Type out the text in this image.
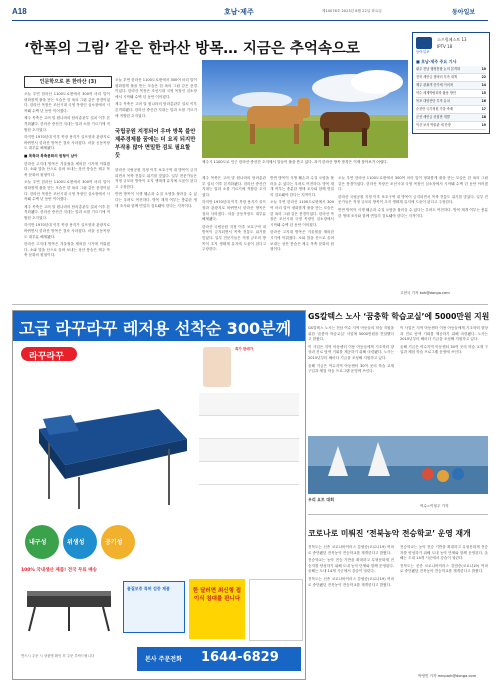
A18	호남·제주	제10076호 2023년 8월 22일 화요일	동아일보
‘한폭의 그림’ 같은 한라산 방목… 지금은 추억속으로	동아일보
스프링페스트 13
IPTV 18
■ 호남·제주 주요 기사
광주 전남 행정통합 논의 본격화	10
전북 새만금 잼버리 후속 대책	22
제주 관광객 증가세 이어져	14
여수 세계박람회장 활용 방안	15
목포 대양산단 투자 유치	16
순천만 국가정원 가을 축제	17
군산 새만금 신항만 개발	18
익산 보석 박물관 새 단장	19
인문학으로 본 한라산 (3)

오늘 우연 한라산 1100도로변에서 300여 마리 말이 평화롭게 풀을 뜯는 모습은 한 폭의 그림 같은 풍경이었다. 한라산 목장은 조선시대 국영 목장인 십소장에서 시작돼 수백 년 동안 이어졌다.

제주 목축은 고려 말 원나라의 탐라총관부 설치 이후 본격화됐다. 한라산 중산간 지대는 말과 소를 기르기에 적합한 초지였다.

하지만 1970년대 이후 목장 용지가 골프장과 관광지로 바뀌면서 한라산 방목은 점차 사라졌다. 마을 공동목장도 대부분 해체됐다.

■ 목축과 목축문화의 원형이 남아

한라산 고지대 방목은 겨울철을 제외한 시기에 이뤄졌다. 소와 말을 산으로 올려 보내는 상산 풍습은 제주 목축 문화의 원형이다.

오늘 우연 한라산 1100도로변에서 300여 마리 말이 평화롭게 풀을 뜯는 모습은 한 폭의 그림 같은 풍경이었다. 한라산 목장은 조선시대 국영 목장인 십소장에서 시작돼 수백 년 동안 이어졌다.

제주 목축은 고려 말 원나라의 탐라총관부 설치 이후 본격화됐다. 한라산 중산간 지대는 말과 소를 기르기에 적합한 초지였다.

하지만 1970년대 이후 목장 용지가 골프장과 관광지로 바뀌면서 한라산 방목은 점차 사라졌다. 마을 공동목장도 대부분 해체됐다.

한라산 고지대 방목은 겨울철을 제외한 시기에 이뤄졌다. 소와 말을 산으로 올려 보내는 상산 풍습은 제주 목축 문화의 원형이다.

오늘 우연 한라산 1100도로변에서 300여 마리 말이 평화롭게 풀을 뜯는 모습은 한 폭의 그림 같은 풍경이었다. 한라산 목장은 조선시대 국영 목장인 십소장에서 시작돼 수백 년 동안 이어졌다.

제주 목축은 고려 말 원나라의 탐라총관부 설치 이후 본격화됐다. 한라산 중산간 지대는 말과 소를 기르기에 적합한 초지였다.

국립공원 지정되어 우마 방목 불안 제주경제를 꿈에는 더 요직 되지만 부작용 많아 면밀한 검토 필요할 듯

한라산 국립공원 지정 이후 보호구역 내 방목이 금지되면서 목축 전통도 위기를 맞았다. 일부 전문가들은 적정 규모의 방목이 초지 생태계 유지에 도움이 된다고 주장한다.

반면 방목이 식생 훼손과 수질 오염을 불러올 수 있다는 우려도 여전하다. 방목 재개 여부는 충분한 생태 조사와 함께 면밀히 검토돼야 한다는 지적이다.

제주시 1100도로 인근 한라산 중산간 초지에서 말들이 풀을 뜯고 있다. 과거 한라산 방목 풍경은 이제 찾아보기 어렵다.

제주 목축은 고려 말 원나라의 탐라총관부 설치 이후 본격화됐다. 한라산 중산간 지대는 말과 소를 기르기에 적합한 초지였다.

하지만 1970년대 이후 목장 용지가 골프장과 관광지로 바뀌면서 한라산 방목은 점차 사라졌다. 마을 공동목장도 대부분 해체됐다.

한라산 국립공원 지정 이후 보호구역 내 방목이 금지되면서 목축 전통도 위기를 맞았다. 일부 전문가들은 적정 규모의 방목이 초지 생태계 유지에 도움이 된다고 주장한다.

반면 방목이 식생 훼손과 수질 오염을 불러올 수 있다는 우려도 여전하다. 방목 재개 여부는 충분한 생태 조사와 함께 면밀히 검토돼야 한다는 지적이다.

오늘 우연 한라산 1100도로변에서 300여 마리 말이 평화롭게 풀을 뜯는 모습은 한 폭의 그림 같은 풍경이었다. 한라산 목장은 조선시대 국영 목장인 십소장에서 시작돼 수백 년 동안 이어졌다.

한라산 고지대 방목은 겨울철을 제외한 시기에 이뤄졌다. 소와 말을 산으로 올려 보내는 상산 풍습은 제주 목축 문화의 원형이다.

오늘 우연 한라산 1100도로변에서 300여 마리 말이 평화롭게 풀을 뜯는 모습은 한 폭의 그림 같은 풍경이었다. 한라산 목장은 조선시대 국영 목장인 십소장에서 시작돼 수백 년 동안 이어졌다.

한라산 국립공원 지정 이후 보호구역 내 방목이 금지되면서 목축 전통도 위기를 맞았다. 일부 전문가들은 적정 규모의 방목이 초지 생태계 유지에 도움이 된다고 주장한다.

반면 방목이 식생 훼손과 수질 오염을 불러올 수 있다는 우려도 여전하다. 방목 재개 여부는 충분한 생태 조사와 함께 면밀히 검토돼야 한다는 지적이다.

고현국 기자 koh@donga.com
고급 라꾸라꾸 레저용 선착순 300분께
라꾸라꾸
특가 판매가
내구성	위생성	공기성
100% 국내생산 제품! 전국 무료 배송
품질보증 특허 검증 제품	한 달러면 최신형 접이식 침대를 판니다
반드시 주문 시 상품명 확인 후 주문 부탁드립니다	본사 주문전화 1644-6829
GS칼텍스 노사 ‘꿈충학 학습교실’에 5000만원 지원

GS칼텍스 노사는 전남 여수 지역 아동들의 학습 지원을 위한 ‘꿈충학 학습교실’ 사업에 5000만원을 전달했다고 밝혔다.

이 사업은 지역 아동센터 이용 아동들에게 기초학력 향상과 진로 탐색 기회를 제공하기 위해 마련됐다. 노사는 2015년부터 해마다 기금을 조성해 지원하고 있다.

올해 기금은 여수지역 아동센터 30여 곳의 학습 교재 구입과 체험 학습 프로그램 운영에 쓰인다.

이 사업은 지역 아동센터 이용 아동들에게 기초학력 향상과 진로 탐색 기회를 제공하기 위해 마련됐다. 노사는 2015년부터 해마다 기금을 조성해 지원하고 있다.

올해 기금은 여수지역 아동센터 30여 곳의 학습 교재 구입과 체험 학습 프로그램 운영에 쓰인다.

우리 요트 대회
여수=이형주 기자
코로나로 미뤄진 ‘전북농악 전승학교’ 운영 재개

전북도는 신종 코로나바이러스 감염증(코로나19) 여파로 중단됐던 전북농악 전승학교를 재개한다고 밝혔다.

전승학교는 농악 전승 기반을 확대하고 무형문화재 전승자를 양성하기 위해 도내 농악 단체와 함께 운영된다. 올해는 도내 14개 시군에서 강습이 열린다.

전북도는 신종 코로나바이러스 감염증(코로나19) 여파로 중단됐던 전북농악 전승학교를 재개한다고 밝혔다.

전승학교는 농악 전승 기반을 확대하고 무형문화재 전승자를 양성하기 위해 도내 농악 단체와 함께 운영된다. 올해는 도내 14개 시군에서 강습이 열린다.

전북도는 신종 코로나바이러스 감염증(코로나19) 여파로 중단됐던 전북농악 전승학교를 재개한다고 밝혔다.

박영민 기자 minpark@donga.com
